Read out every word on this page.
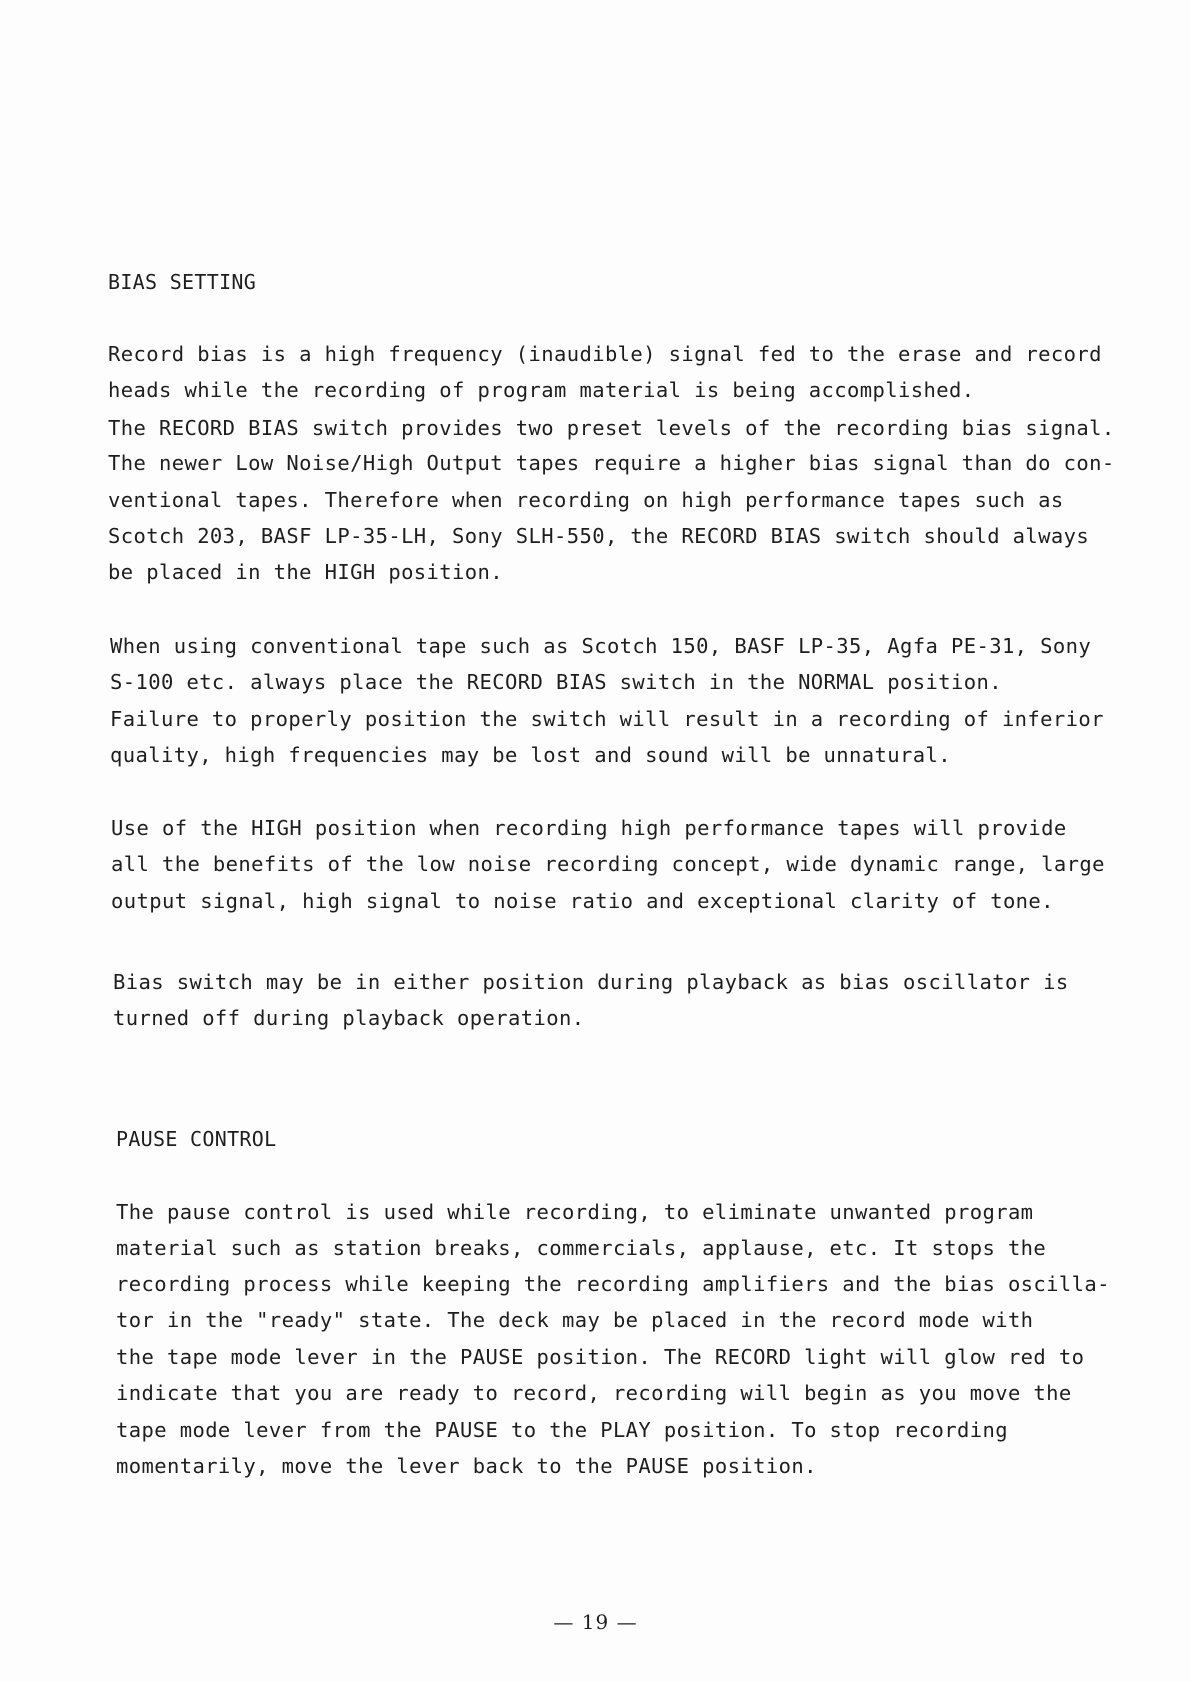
BIAS SETTING
Record bias is a high frequency (inaudible) signal fed to the erase and record
heads while the recording of program material is being accomplished.
The RECORD BIAS switch provides two preset levels of the recording bias signal.
The newer Low Noise/High Output tapes require a higher bias signal than do con-
ventional tapes. Therefore when recording on high performance tapes such as
Scotch 203, BASF LP-35-LH, Sony SLH-550, the RECORD BIAS switch should always
be placed in the HIGH position.
When using conventional tape such as Scotch 150, BASF LP-35, Agfa PE-31, Sony
S-100 etc. always place the RECORD BIAS switch in the NORMAL position.
Failure to properly position the switch will result in a recording of inferior
quality, high frequencies may be lost and sound will be unnatural.
Use of the HIGH position when recording high performance tapes will provide
all the benefits of the low noise recording concept, wide dynamic range, large
output signal, high signal to noise ratio and exceptional clarity of tone.
Bias switch may be in either position during playback as bias oscillator is
turned off during playback operation.
PAUSE CONTROL
The pause control is used while recording, to eliminate unwanted program
material such as station breaks, commercials, applause, etc. It stops the
recording process while keeping the recording amplifiers and the bias oscilla-
tor in the "ready" state. The deck may be placed in the record mode with
the tape mode lever in the PAUSE position. The RECORD light will glow red to
indicate that you are ready to record, recording will begin as you move the
tape mode lever from the PAUSE to the PLAY position. To stop recording
momentarily, move the lever back to the PAUSE position.
— 19 —
